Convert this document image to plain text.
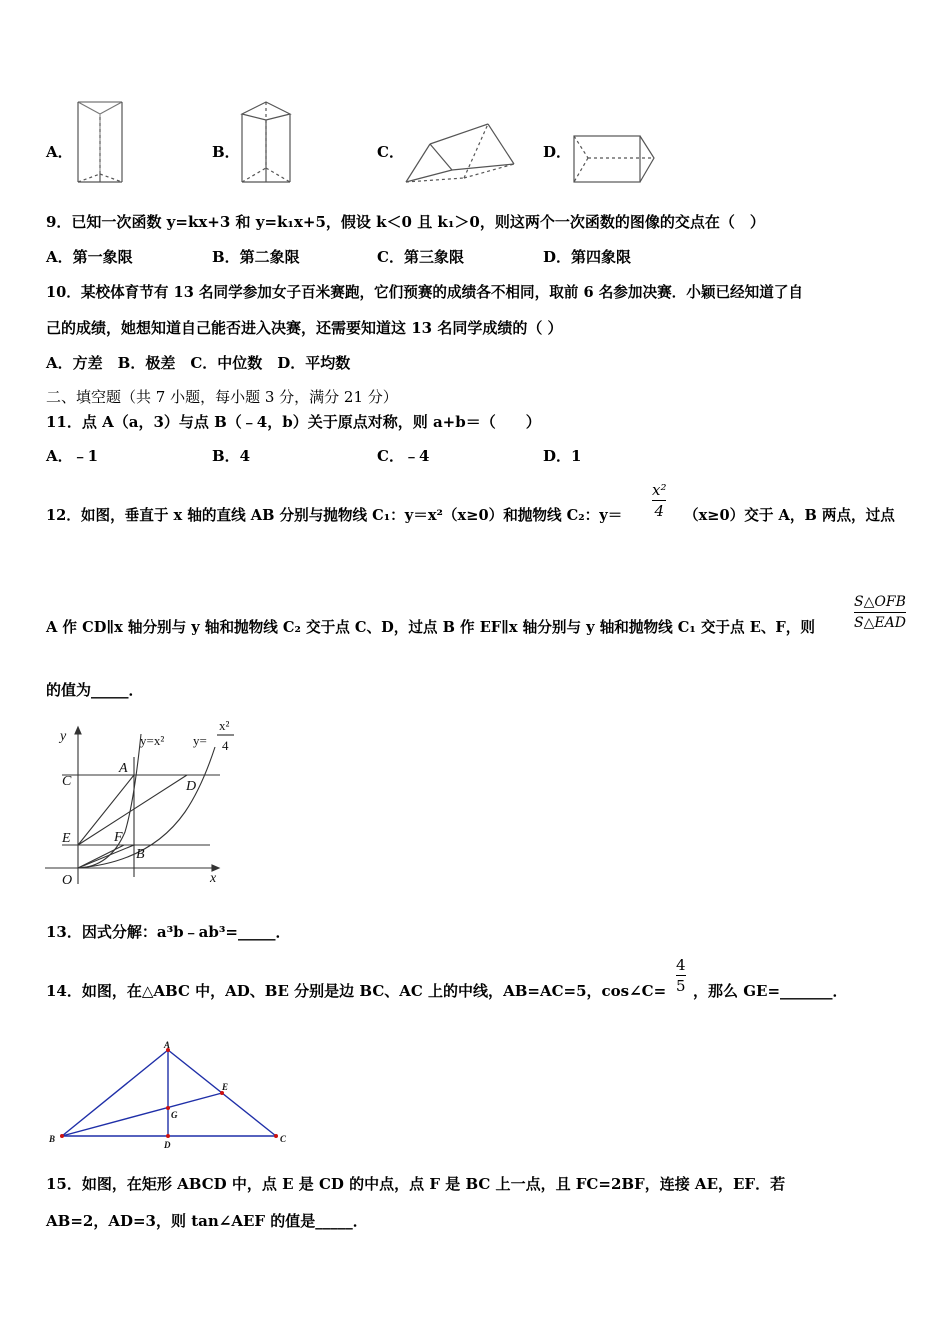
A．	B．	C．	D．
9．已知一次函数 y=kx+3 和 y=k₁x+5，假设 k＜0 且 k₁＞0，则这两个一次函数的图像的交点在（　）
A．第一象限	B．第二象限	C．第三象限	D．第四象限
10．某校体育节有 13 名同学参加女子百米赛跑，它们预赛的成绩各不相同，取前 6 名参加决赛．小颖已经知道了自
己的成绩，她想知道自己能否进入决赛，还需要知道这 13 名同学成绩的（ ）
A．方差　B．极差　C．中位数　D．平均数
二、填空题（共 7 小题，每小题 3 分，满分 21 分）
11．点 A（a，3）与点 B（﹣4，b）关于原点对称，则 a+b＝（　　）
A．﹣1	B．4	C．﹣4	D．1
12．如图，垂直于 x 轴的直线 AB 分别与抛物线 C₁：y＝x²（x≥0）和抛物线 C₂：$y= \frac{\text{x²}}{4} (x\ge 0)$交于 A，B 两点，过点
A 作 CD∥x 轴分别与 y 轴和抛物线 C₂ 交于点 C、D，过点 B 作 EF∥x 轴分别与 y 轴和抛物线 C₁ 交于点 E、F，则	$\frac{\text{S△OFB}}{\text{S△EAD}}$
的值为_____．
y
x
O
C
E
A
D
F
B
y=x² y=
x²
4
13．因式分解：a³b﹣ab³=_____．
14．如图，在△ABC 中，AD、BE 分别是边 BC、AC 上的中线，AB=AC=5，cos∠C= $\frac{4}{5}$ ，那么 GE=_______．
A
B	C
D
E
G
15．如图，在矩形 ABCD 中，点 E 是 CD 的中点，点 F 是 BC 上一点，且 FC=2BF，连接 AE，EF．若
AB=2，AD=3，则 tan∠AEF 的值是_____．
